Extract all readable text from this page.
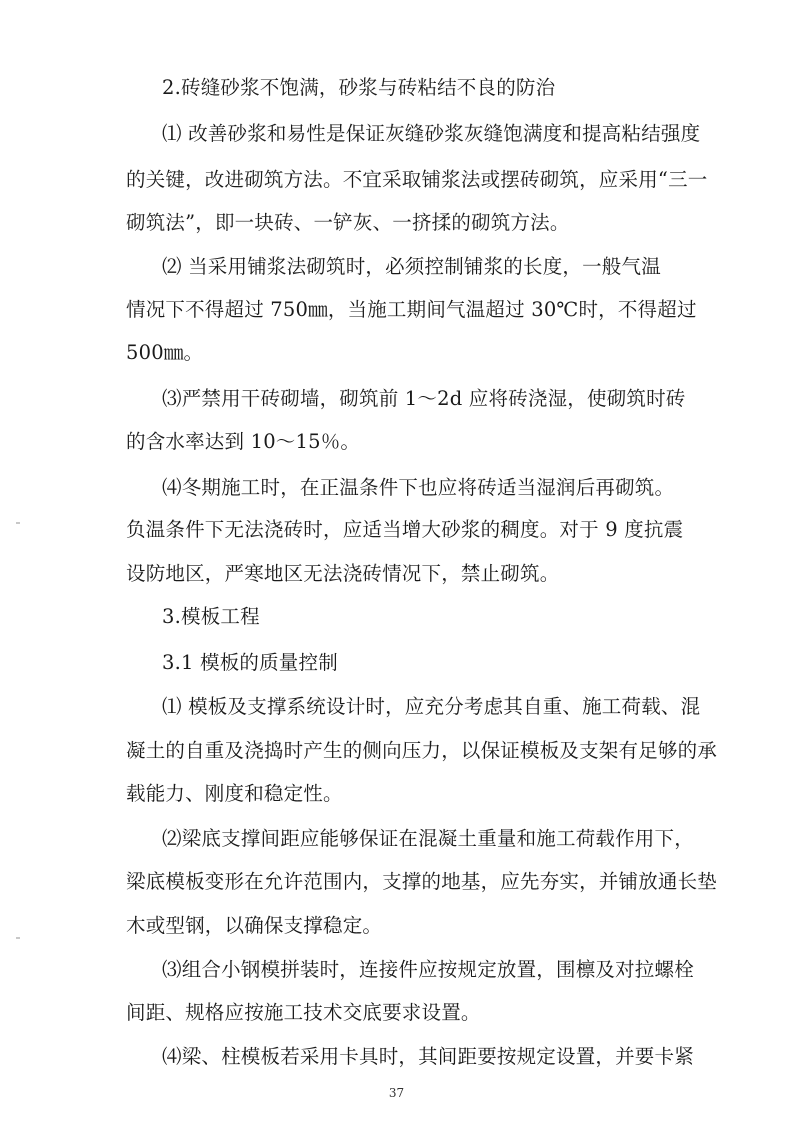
2.砖缝砂浆不饱满，砂浆与砖粘结不良的防治
⑴ 改善砂浆和易性是保证灰缝砂浆灰缝饱满度和提高粘结强度
的关键，改进砌筑方法。不宜采取铺浆法或摆砖砌筑，应采用“三一
砌筑法”，即一块砖、一铲灰、一挤揉的砌筑方法。
⑵ 当采用铺浆法砌筑时，必须控制铺浆的长度，一般气温
情况下不得超过 750㎜，当施工期间气温超过 30℃时，不得超过
500㎜。
⑶严禁用干砖砌墙，砌筑前 1～2d 应将砖浇湿，使砌筑时砖
的含水率达到 10～15％。
⑷冬期施工时，在正温条件下也应将砖适当湿润后再砌筑。
负温条件下无法浇砖时，应适当增大砂浆的稠度。对于 9 度抗震
设防地区，严寒地区无法浇砖情况下，禁止砌筑。
3.模板工程
3.1 模板的质量控制
⑴ 模板及支撑系统设计时，应充分考虑其自重、施工荷载、混
凝土的自重及浇捣时产生的侧向压力，以保证模板及支架有足够的承
载能力、刚度和稳定性。
⑵梁底支撑间距应能够保证在混凝土重量和施工荷载作用下，
梁底模板变形在允许范围内，支撑的地基，应先夯实，并铺放通长垫
木或型钢，以确保支撑稳定。
⑶组合小钢模拼装时，连接件应按规定放置，围檩及对拉螺栓
间距、规格应按施工技术交底要求设置。
⑷梁、柱模板若采用卡具时，其间距要按规定设置，并要卡紧
37
